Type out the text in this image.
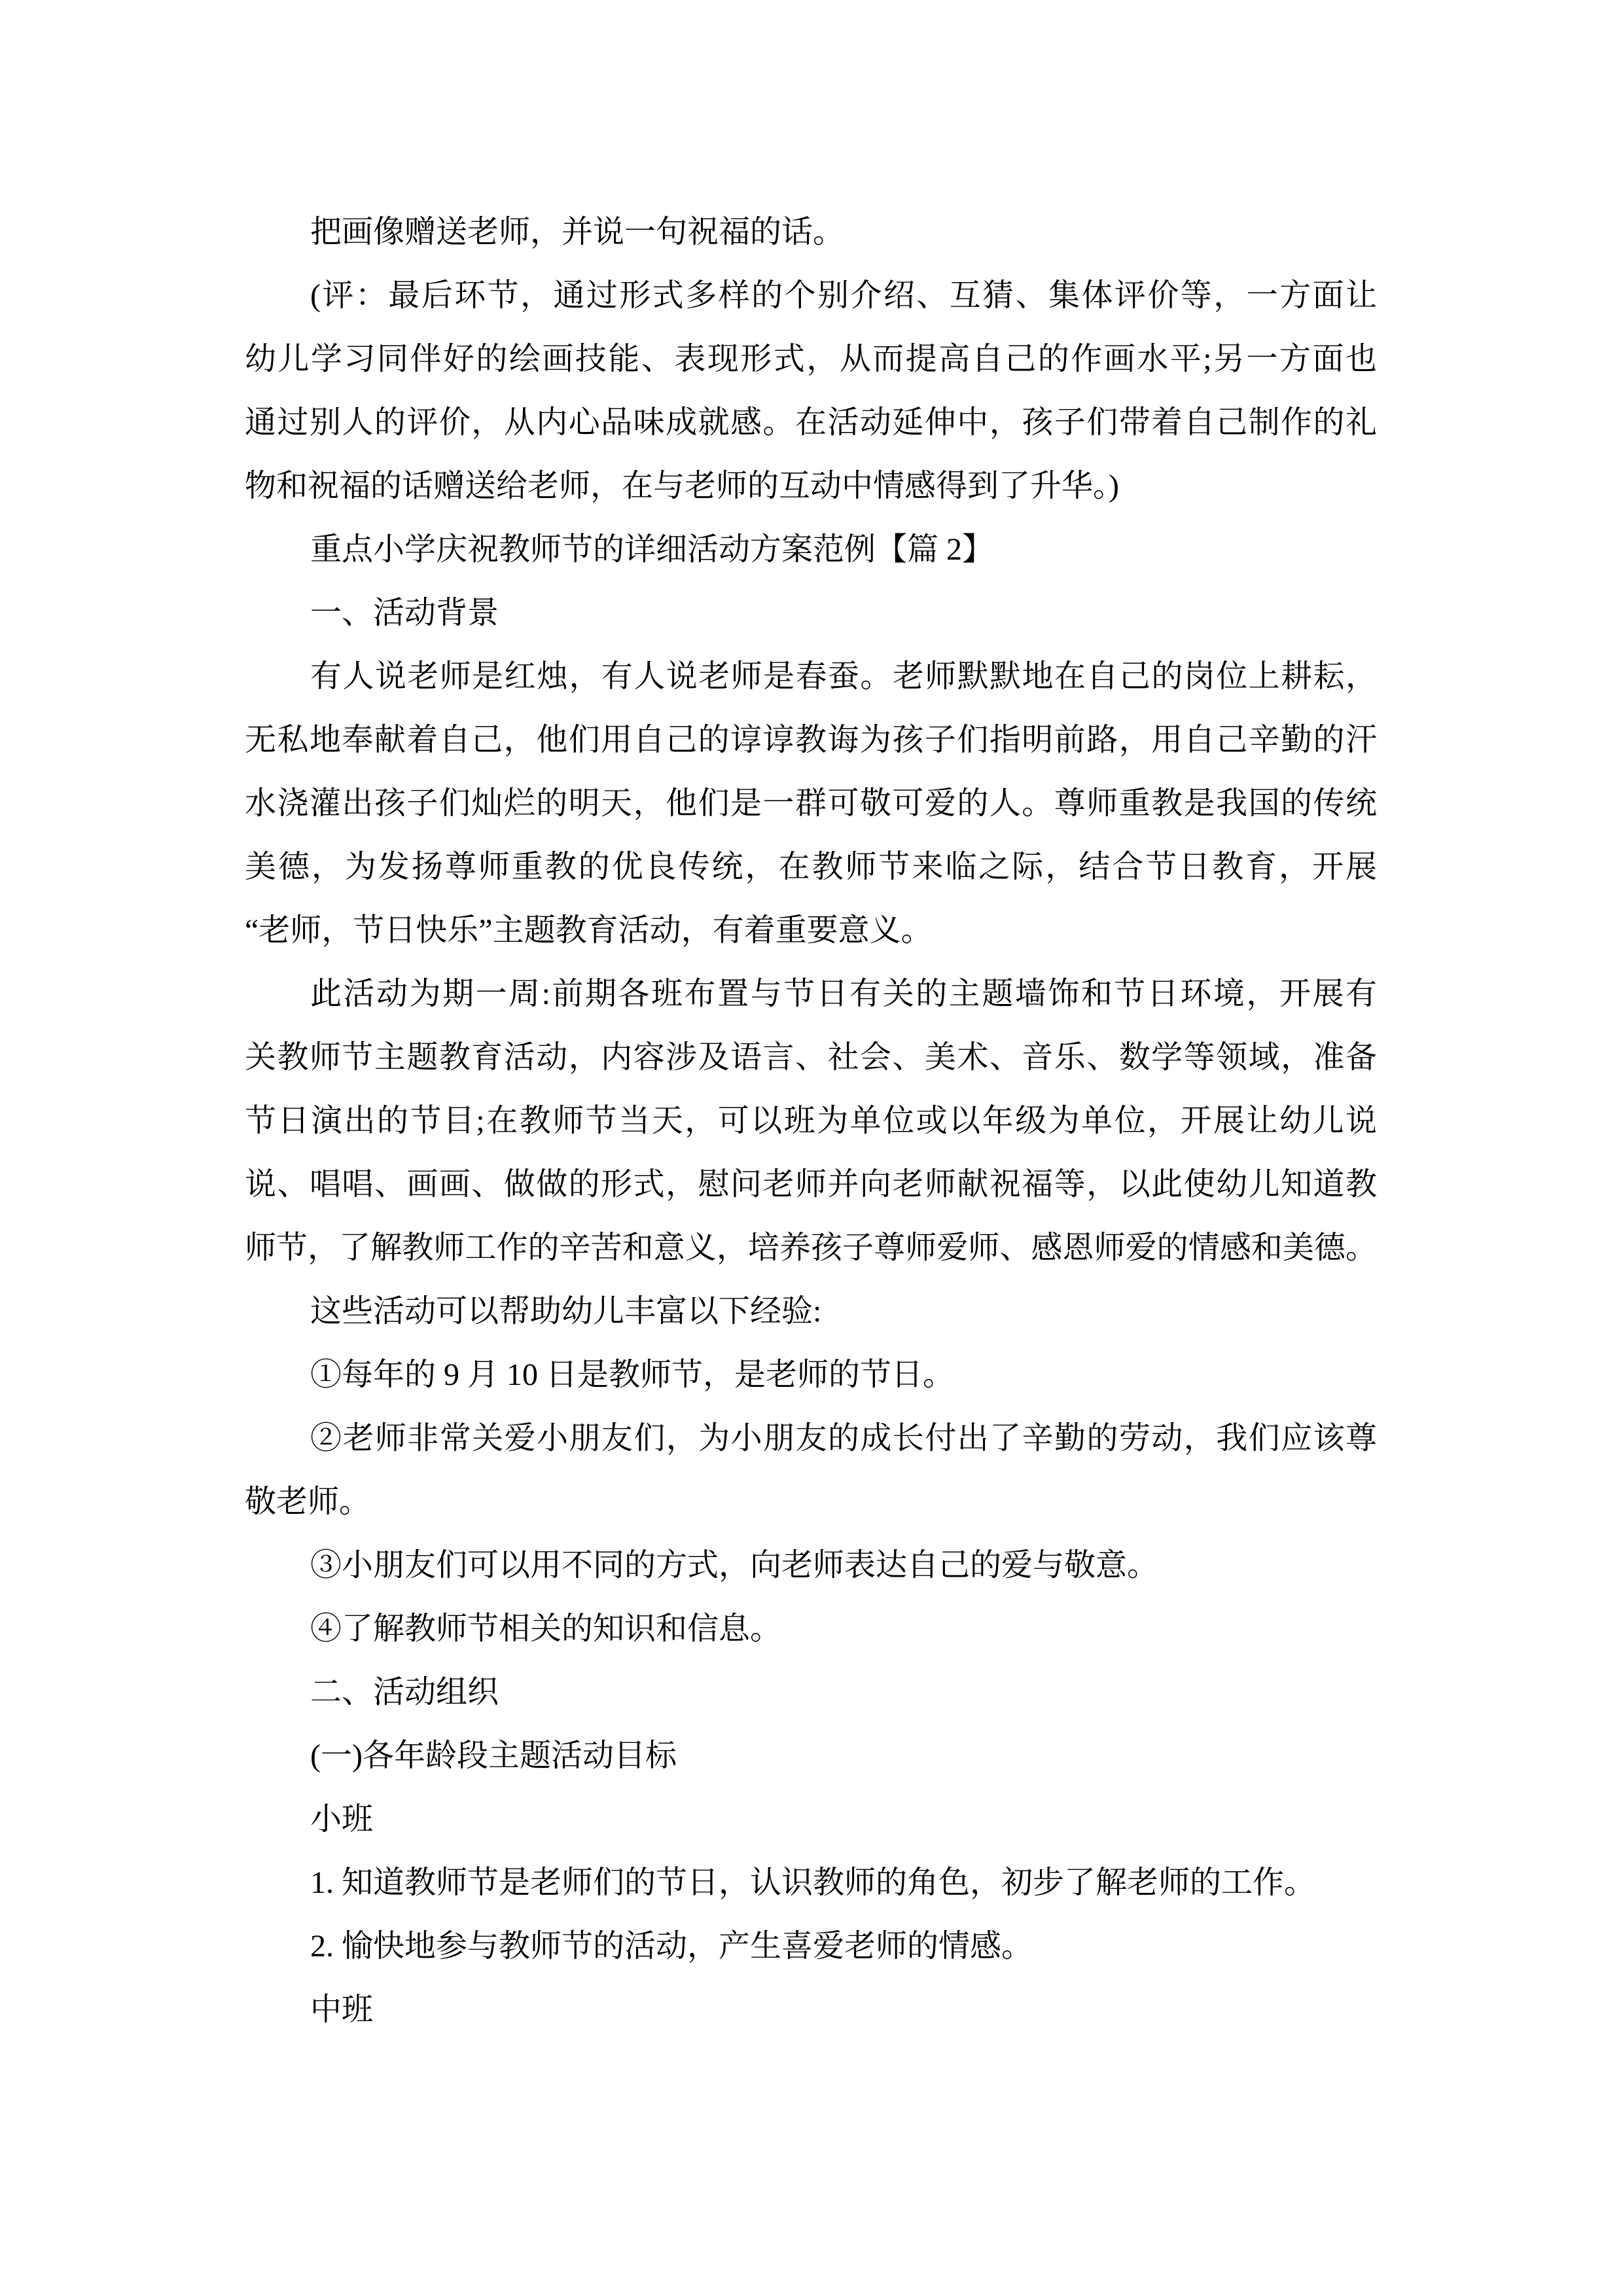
把画像赠送老师，并说一句祝福的话。
(评：最后环节，通过形式多样的个别介绍、互猜、集体评价等，一方面让
幼儿学习同伴好的绘画技能、表现形式，从而提高自己的作画水平;另一方面也
通过别人的评价，从内心品味成就感。在活动延伸中，孩子们带着自己制作的礼
物和祝福的话赠送给老师，在与老师的互动中情感得到了升华。)
重点小学庆祝教师节的详细活动方案范例【篇 2】
一、活动背景
有人说老师是红烛，有人说老师是春蚕。老师默默地在自己的岗位上耕耘，
无私地奉献着自己，他们用自己的谆谆教诲为孩子们指明前路，用自己辛勤的汗
水浇灌出孩子们灿烂的明天，他们是一群可敬可爱的人。尊师重教是我国的传统
美德，为发扬尊师重教的优良传统，在教师节来临之际，结合节日教育，开展
“老师，节日快乐”主题教育活动，有着重要意义。
此活动为期一周:前期各班布置与节日有关的主题墙饰和节日环境，开展有
关教师节主题教育活动，内容涉及语言、社会、美术、音乐、数学等领域，准备
节日演出的节目;在教师节当天，可以班为单位或以年级为单位，开展让幼儿说
说、唱唱、画画、做做的形式，慰问老师并向老师献祝福等，以此使幼儿知道教
师节，了解教师工作的辛苦和意义，培养孩子尊师爱师、感恩师爱的情感和美德。
这些活动可以帮助幼儿丰富以下经验:
①每年的 9 月 10 日是教师节，是老师的节日。
②老师非常关爱小朋友们，为小朋友的成长付出了辛勤的劳动，我们应该尊
敬老师。
③小朋友们可以用不同的方式，向老师表达自己的爱与敬意。
④了解教师节相关的知识和信息。
二、活动组织
(一)各年龄段主题活动目标
小班
1. 知道教师节是老师们的节日，认识教师的角色，初步了解老师的工作。
2. 愉快地参与教师节的活动，产生喜爱老师的情感。
中班
